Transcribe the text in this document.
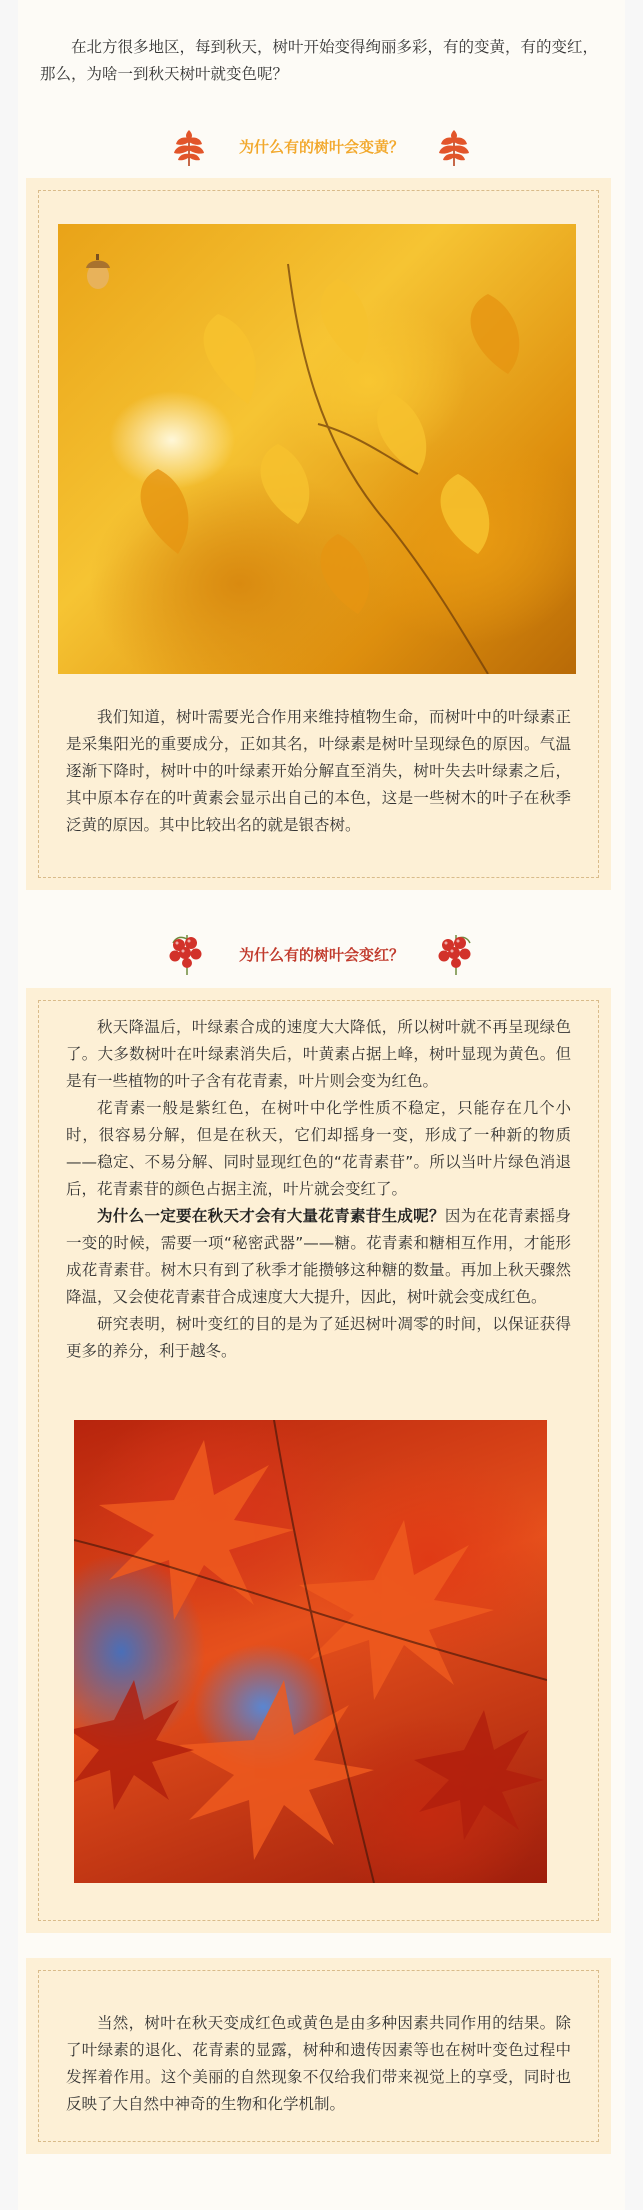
在北方很多地区，每到秋天，树叶开始变得绚丽多彩，有的变黄，有的变红，那么，为啥一到秋天树叶就变色呢？

为什么有的树叶会变黄？

我们知道，树叶需要光合作用来维持植物生命，而树叶中的叶绿素正是采集阳光的重要成分，正如其名，叶绿素是树叶呈现绿色的原因。气温逐渐下降时，树叶中的叶绿素开始分解直至消失，树叶失去叶绿素之后，其中原本存在的叶黄素会显示出自己的本色，这是一些树木的叶子在秋季泛黄的原因。其中比较出名的就是银杏树。

为什么有的树叶会变红？

秋天降温后，叶绿素合成的速度大大降低，所以树叶就不再呈现绿色了。大多数树叶在叶绿素消失后，叶黄素占据上峰，树叶显现为黄色。但是有一些植物的叶子含有花青素，叶片则会变为红色。

花青素一般是紫红色，在树叶中化学性质不稳定，只能存在几个小时，很容易分解，但是在秋天，它们却摇身一变，形成了一种新的物质——稳定、不易分解、同时显现红色的“花青素苷”。所以当叶片绿色消退后，花青素苷的颜色占据主流，叶片就会变红了。

为什么一定要在秋天才会有大量花青素苷生成呢？因为在花青素摇身一变的时候，需要一项“秘密武器”——糖。花青素和糖相互作用，才能形成花青素苷。树木只有到了秋季才能攒够这种糖的数量。再加上秋天骤然降温，又会使花青素苷合成速度大大提升，因此，树叶就会变成红色。

研究表明，树叶变红的目的是为了延迟树叶凋零的时间，以保证获得更多的养分，利于越冬。

当然，树叶在秋天变成红色或黄色是由多种因素共同作用的结果。除了叶绿素的退化、花青素的显露，树种和遗传因素等也在树叶变色过程中发挥着作用。这个美丽的自然现象不仅给我们带来视觉上的享受，同时也反映了大自然中神奇的生物和化学机制。
